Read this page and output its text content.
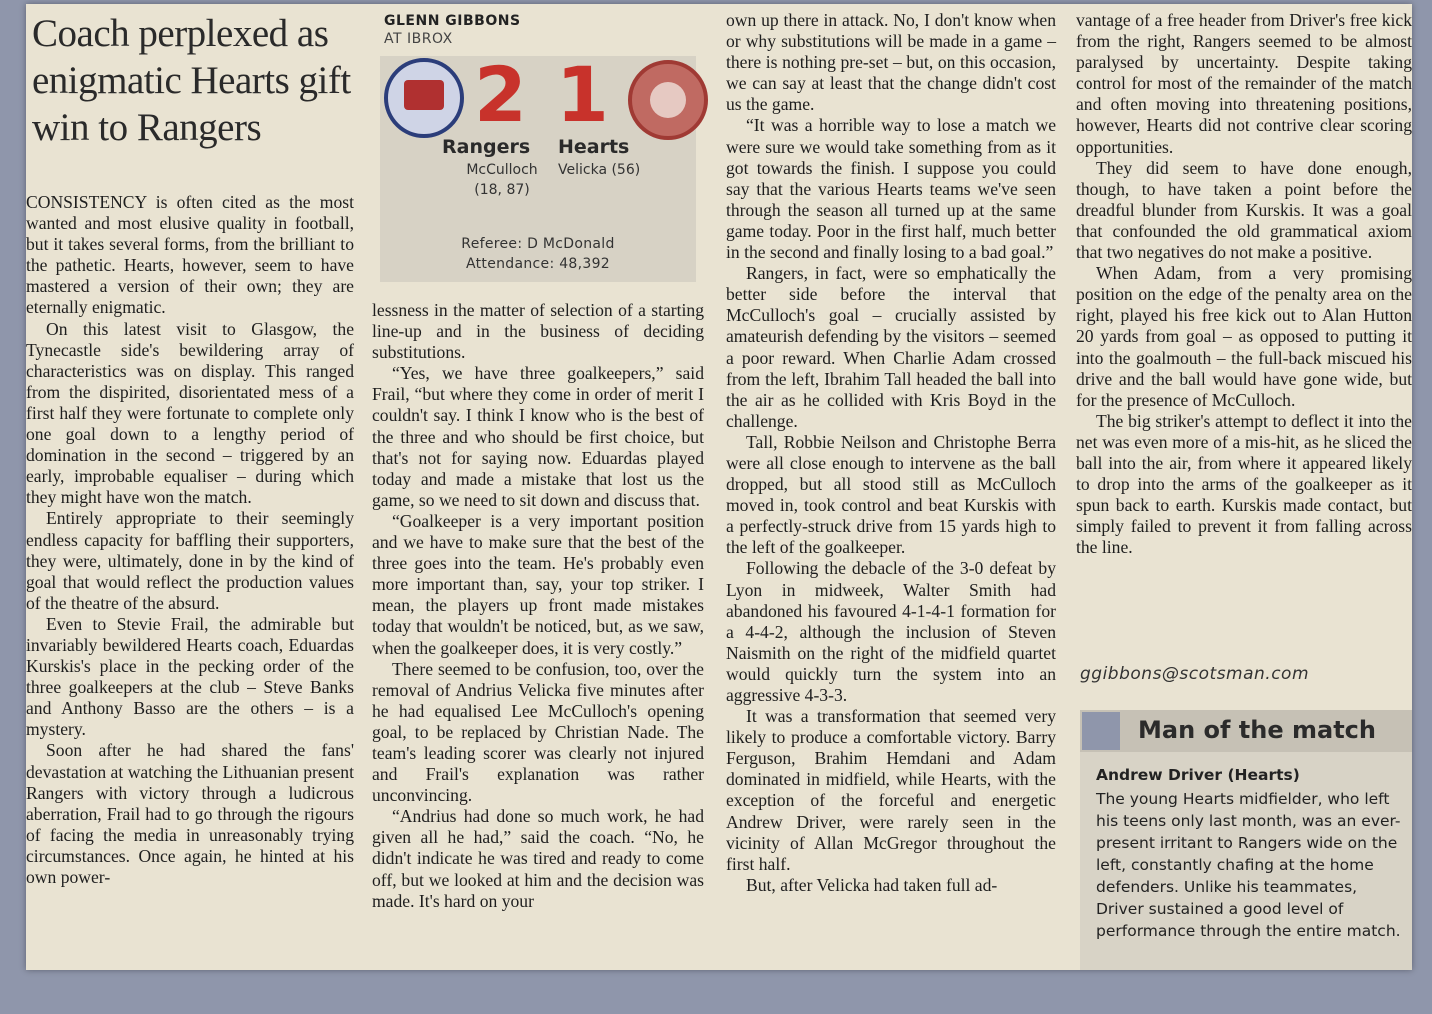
Coach perplexed as enigmatic Hearts gift win to Rangers
GLENN GIBBONS
AT IBROX
2 1
Rangers Hearts
McCulloch
(18, 87)
Velicka (56)
Referee: D McDonald
Attendance: 48,392

CONSISTENCY is often cited as the most wanted and most elusive quality in football, but it takes several forms, from the brilliant to the pathetic. Hearts, however, seem to have mastered a version of their own; they are eternally enigmatic.

On this latest visit to Glasgow, the Tynecastle side's bewildering array of characteristics was on display. This ranged from the dispirited, disorientated mess of a first half they were fortunate to complete only one goal down to a lengthy period of domination in the second – triggered by an early, improbable equaliser – during which they might have won the match.

Entirely appropriate to their seemingly endless capacity for baffling their supporters, they were, ultimately, done in by the kind of goal that would reflect the production values of the theatre of the absurd.

Even to Stevie Frail, the admirable but invariably bewildered Hearts coach, Eduardas Kurskis's place in the pecking order of the three goalkeepers at the club – Steve Banks and Anthony Basso are the others – is a mystery.

Soon after he had shared the fans' devastation at watching the Lithuanian present Rangers with victory through a ludicrous aberration, Frail had to go through the rigours of facing the media in unreasonably trying circumstances. Once again, he hinted at his own power-

lessness in the matter of selection of a starting line-up and in the business of deciding substitutions.

“Yes, we have three goalkeepers,” said Frail, “but where they come in order of merit I couldn't say. I think I know who is the best of the three and who should be first choice, but that's not for saying now. Eduardas played today and made a mistake that lost us the game, so we need to sit down and discuss that.

“Goalkeeper is a very important position and we have to make sure that the best of the three goes into the team. He's probably even more important than, say, your top striker. I mean, the players up front made mistakes today that wouldn't be noticed, but, as we saw, when the goalkeeper does, it is very costly.”

There seemed to be confusion, too, over the removal of Andrius Velicka five minutes after he had equalised Lee McCulloch's opening goal, to be replaced by Christian Nade. The team's leading scorer was clearly not injured and Frail's explanation was rather unconvincing.

“Andrius had done so much work, he had given all he had,” said the coach. “No, he didn't indicate he was tired and ready to come off, but we looked at him and the decision was made. It's hard on your

own up there in attack. No, I don't know when or why substitutions will be made in a game – there is nothing pre-set – but, on this occasion, we can say at least that the change didn't cost us the game.

“It was a horrible way to lose a match we were sure we would take something from as it got towards the finish. I suppose you could say that the various Hearts teams we've seen through the season all turned up at the same game today. Poor in the first half, much better in the second and finally losing to a bad goal.”

Rangers, in fact, were so emphatically the better side before the interval that McCulloch's goal – crucially assisted by amateurish defending by the visitors – seemed a poor reward. When Charlie Adam crossed from the left, Ibrahim Tall headed the ball into the air as he collided with Kris Boyd in the challenge.

Tall, Robbie Neilson and Christophe Berra were all close enough to intervene as the ball dropped, but all stood still as McCulloch moved in, took control and beat Kurskis with a perfectly-struck drive from 15 yards high to the left of the goalkeeper.

Following the debacle of the 3-0 defeat by Lyon in midweek, Walter Smith had abandoned his favoured 4-1-4-1 formation for a 4-4-2, although the inclusion of Steven Naismith on the right of the midfield quartet would quickly turn the system into an aggressive 4-3-3.

It was a transformation that seemed very likely to produce a comfortable victory. Barry Ferguson, Brahim Hemdani and Adam dominated in midfield, while Hearts, with the exception of the forceful and energetic Andrew Driver, were rarely seen in the vicinity of Allan McGregor throughout the first half.

But, after Velicka had taken full ad-

vantage of a free header from Driver's free kick from the right, Rangers seemed to be almost paralysed by uncertainty. Despite taking control for most of the remainder of the match and often moving into threatening positions, however, Hearts did not contrive clear scoring opportunities.

They did seem to have done enough, though, to have taken a point before the dreadful blunder from Kurskis. It was a goal that confounded the old grammatical axiom that two negatives do not make a positive.

When Adam, from a very promising position on the edge of the penalty area on the right, played his free kick out to Alan Hutton 20 yards from goal – as opposed to putting it into the goalmouth – the full-back miscued his drive and the ball would have gone wide, but for the presence of McCulloch.

The big striker's attempt to deflect it into the net was even more of a mis-hit, as he sliced the ball into the air, from where it appeared likely to drop into the arms of the goalkeeper as it spun back to earth. Kurskis made contact, but simply failed to prevent it from falling across the line.

ggibbons@scotsman.com
Man of the match
Andrew Driver (Hearts)
The young Hearts midfielder, who left his teens only last month, was an ever-present irritant to Rangers wide on the left, constantly chafing at the home defenders. Unlike his teammates, Driver sustained a good level of performance through the entire match.
